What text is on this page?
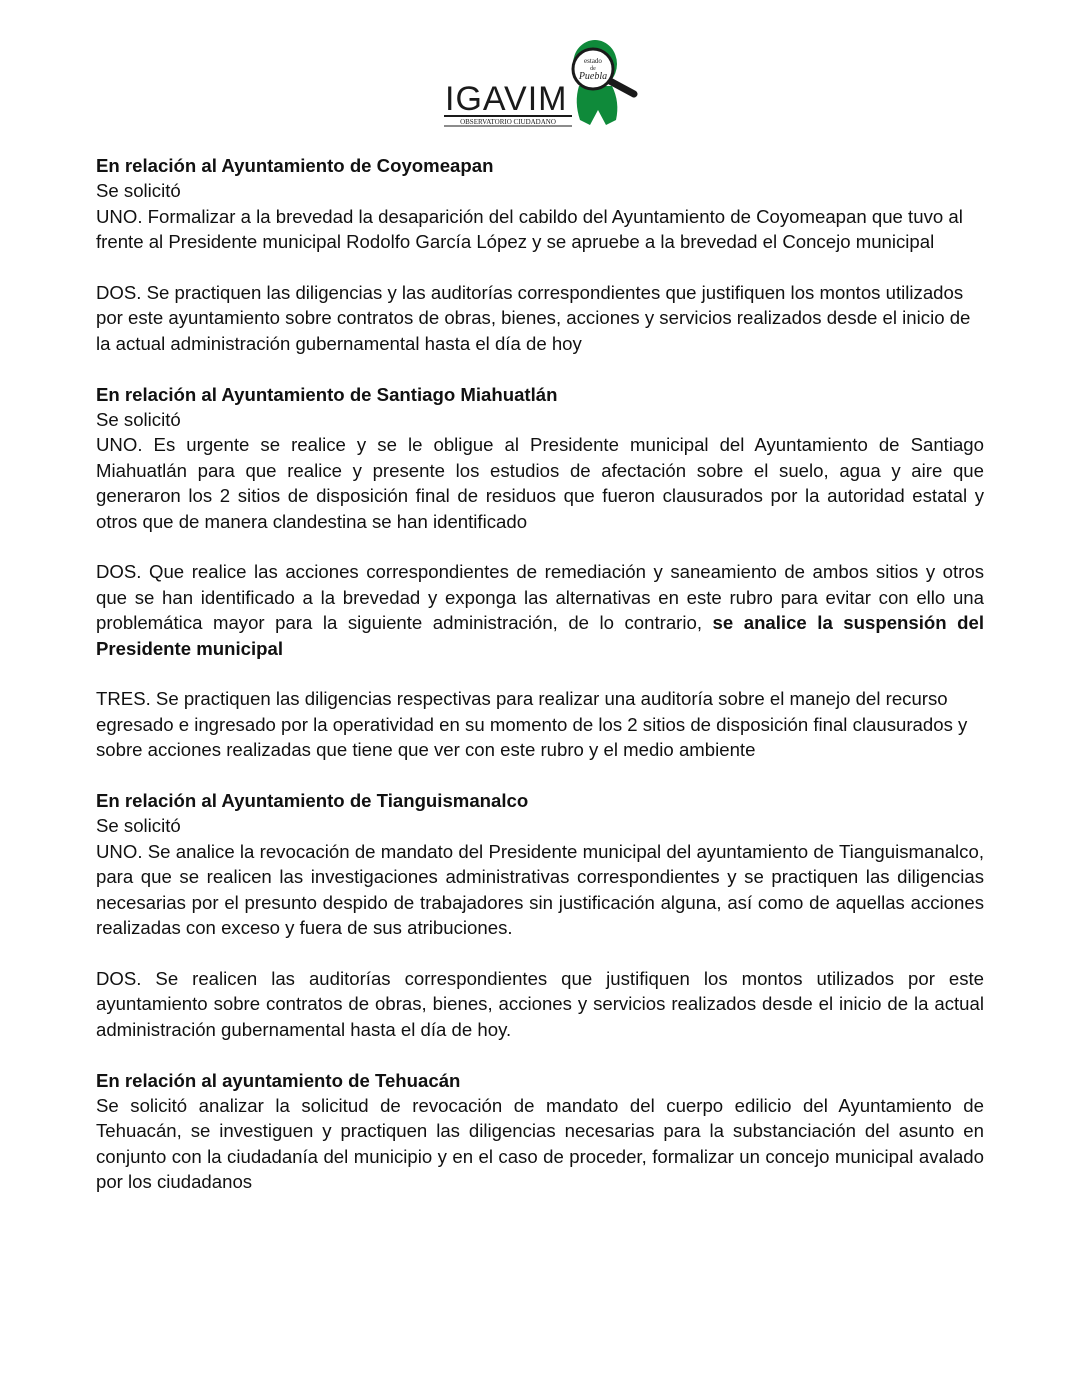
estado
de
Puebla
IGAVIM
OBSERVATORIO CIUDADANO

En relación al Ayuntamiento de Coyomeapan

Se solicitó

UNO. Formalizar a la brevedad la desaparición del cabildo del Ayuntamiento de Coyomeapan que tuvo al frente al Presidente municipal Rodolfo García López y se apruebe a la brevedad el Concejo municipal

DOS. Se practiquen las diligencias y las auditorías correspondientes que justifiquen los montos utilizados por este ayuntamiento sobre contratos de obras, bienes, acciones y servicios realizados desde el inicio de la actual administración gubernamental hasta el día de hoy

En relación al Ayuntamiento de Santiago Miahuatlán

Se solicitó

UNO. Es urgente se realice y se le obligue al Presidente municipal del Ayuntamiento de Santiago Miahuatlán para que realice y presente los estudios de afectación sobre el suelo, agua y aire que generaron los 2 sitios de disposición final de residuos que fueron clausurados por la autoridad estatal y otros que de manera clandestina se han identificado

DOS. Que realice las acciones correspondientes de remediación y saneamiento de ambos sitios y otros que se han identificado a la brevedad y exponga las alternativas en este rubro para evitar con ello una problemática mayor para la siguiente administración, de lo contrario, se analice la suspensión del Presidente municipal

TRES. Se practiquen las diligencias respectivas para realizar una auditoría sobre el manejo del recurso egresado e ingresado por la operatividad en su momento de los 2 sitios de disposición final clausurados y sobre acciones realizadas que tiene que ver con este rubro y el medio ambiente

En relación al Ayuntamiento de Tianguismanalco

Se solicitó

UNO. Se analice la revocación de mandato del Presidente municipal del ayuntamiento de Tianguismanalco, para que se realicen las investigaciones administrativas correspondientes y se practiquen las diligencias necesarias por el presunto despido de trabajadores sin justificación alguna, así como de aquellas acciones realizadas con exceso y fuera de sus atribuciones.

DOS. Se realicen las auditorías correspondientes que justifiquen los montos utilizados por este ayuntamiento sobre contratos de obras, bienes, acciones y servicios realizados desde el inicio de la actual administración gubernamental hasta el día de hoy.

En relación al ayuntamiento de Tehuacán

Se solicitó analizar la solicitud de revocación de mandato del cuerpo edilicio del Ayuntamiento de Tehuacán, se investiguen y practiquen las diligencias necesarias para la substanciación del asunto en conjunto con la ciudadanía del municipio y en el caso de proceder, formalizar un concejo municipal avalado por los ciudadanos
